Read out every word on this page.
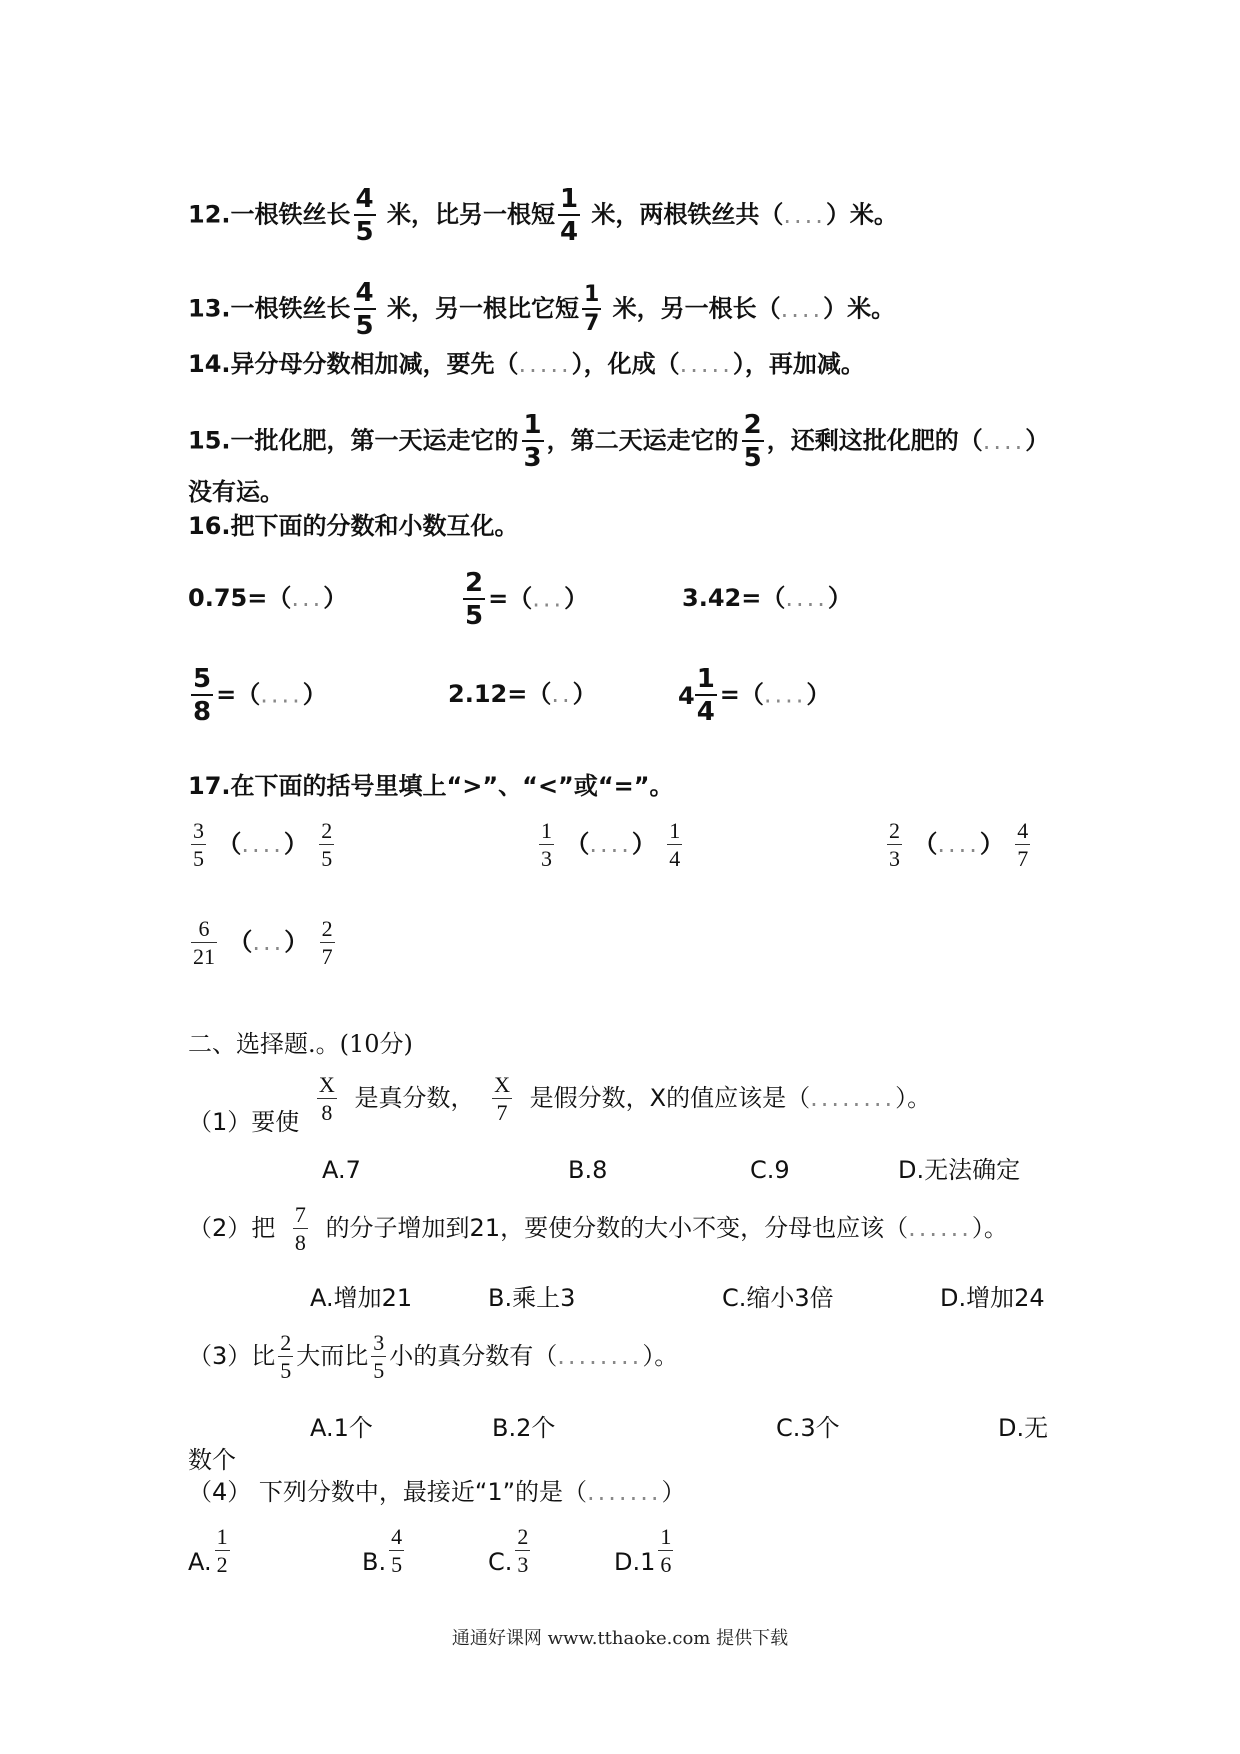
12.一根铁丝长 $\frac{4}{5}$ 米，比另一根短 $\frac{1}{4}$ 米，两根铁丝共（....）米。
13.一根铁丝长 $\frac{4}{5}$ 米，另一根比它短 $\frac{1}{7}$ 米，另一根长（....）米。
14.异分母分数相加减，要先（.....），化成（.....），再加减。
15.一批化肥，第一天运走它的 $\frac{1}{3}$ ，第二天运走它的 $\frac{2}{5}$ ，还剩这批化肥的（....）
没有运。
16.把下面的分数和小数互化。
0.75=（...）	$\frac{2}{5}$ =（...）	3.42=（....）
$\frac{5}{8}$ =（....）	2.12=（..）	$4 \frac{1}{4}$ =（....）
17.在下面的括号里填上“>”、“<”或“=”。
$\frac{3}{5}$ （....） $\frac{2}{5}$	$\frac{1}{3}$ （....） $\frac{1}{4}$	$\frac{2}{3}$ （....） $\frac{4}{7}$
$\frac{6}{21}$ （...） $\frac{2}{7}$
二、选择题.。(10分)
（1）要使 $\frac{X}{8}$ 是真分数， $\frac{X}{7}$ 是假分数，X的值应该是（........）。
A.7	B.8	C.9	D.无法确定
（2）把 $\frac{7}{8}$ 的分子增加到21，要使分数的大小不变，分母也应该（......）。
A.增加21	B.乘上3	C.缩小3倍	D.增加24
（3）比 $\frac{2}{5}$ 大而比 $\frac{3}{5}$ 小的真分数有（........）。
A.1个	B.2个	C.3个	D.无
数个
（4） 下列分数中，最接近“1”的是（.......）
A. $\frac{1}{2}$	B. $\frac{4}{5}$	C. $\frac{2}{3}$	$D.1 \frac{1}{6}$
通通好课网 www.tthaoke.com 提供下载
